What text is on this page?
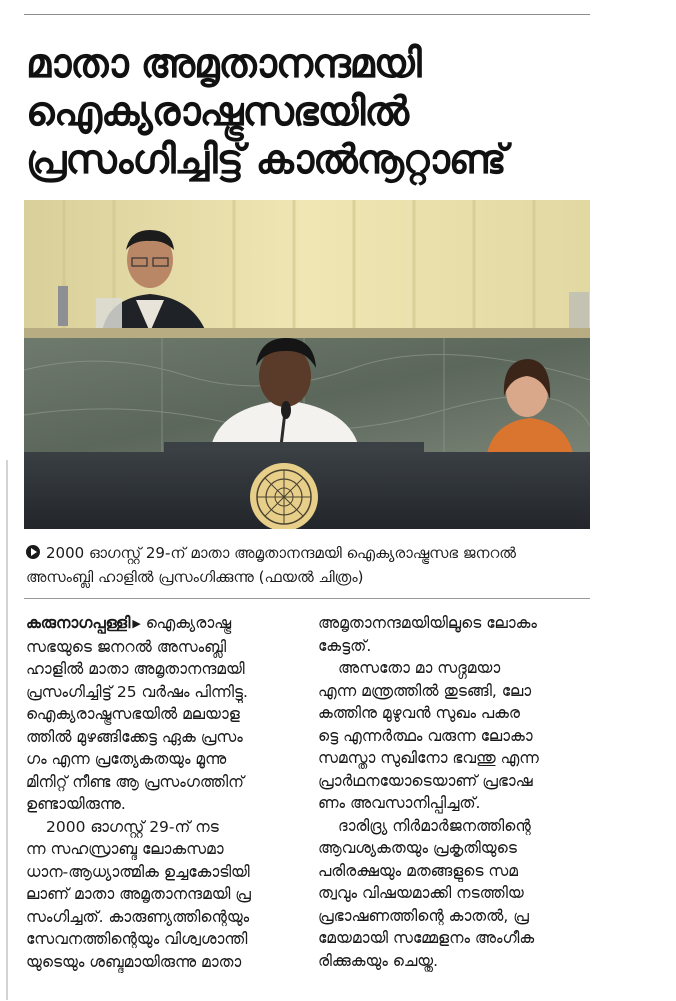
മാതാ അമൃതാനന്ദമയി
ഐക്യരാഷ്ട്രസഭയിൽ
പ്രസംഗിച്ചിട്ട് കാൽനൂറ്റാണ്ട്
2000 ഓഗസ്റ്റ് 29-ന് മാതാ അമൃതാനന്ദമയി ഐക്യരാഷ്ട്രസഭ ജനറൽ
അസംബ്ലി ഹാളിൽ പ്രസംഗിക്കുന്നു (ഫയൽ ചിത്രം)
കരുനാഗപ്പള്ളി ▶ ഐക്യരാഷ്ട്ര
സഭയുടെ ജനറൽ അസംബ്ലി
ഹാളിൽ മാതാ അമൃതാനന്ദമയി
പ്രസംഗിച്ചിട്ട് 25 വർഷം പിന്നിട്ടു.
ഐക്യരാഷ്ട്രസഭയിൽ മലയാള
ത്തിൽ മുഴങ്ങിക്കേട്ട ഏക പ്രസം
ഗം എന്ന പ്രത്യേകതയും മൂന്നു
മിനിറ്റ് നീണ്ട ആ പ്രസംഗത്തിന്
ഉണ്ടായിരുന്നു.
2000 ഓഗസ്റ്റ് 29-ന് നട
ന്ന സഹസ്രാബ്ദ ലോകസമാ
ധാന-ആധ്യാത്മിക ഉച്ചകോടിയി
ലാണ് മാതാ അമൃതാനന്ദമയി പ്ര
സംഗിച്ചത്. കാരുണ്യത്തിന്റെയും
സേവനത്തിന്റെയും വിശ്വശാന്തി
യുടെയും ശബ്ദമായിരുന്നു മാതാ
അമൃതാനന്ദമയിയിലൂടെ ലോകം
കേട്ടത്.
അസതോ മാ സദ്ഗമയാ
എന്ന മന്ത്രത്തിൽ തുടങ്ങി, ലോ
കത്തിനു മുഴുവൻ സുഖം പകര
ട്ടെ എന്നർത്ഥം വരുന്ന ലോകാ
സമസ്താ സുഖിനോ ഭവന്തു എന്ന
പ്രാർഥനയോടെയാണ് പ്രഭാഷ
ണം അവസാനിപ്പിച്ചത്.
ദാരിദ്ര്യ നിർമാർജനത്തിന്റെ
ആവശ്യകതയും പ്രകൃതിയുടെ
പരിരക്ഷയും മതങ്ങളുടെ സമ
ത്വവും വിഷയമാക്കി നടത്തിയ
പ്രഭാഷണത്തിന്റെ കാതൽ, പ്ര
മേയമായി സമ്മേളനം അംഗീക
രിക്കുകയും ചെയ്തു.
